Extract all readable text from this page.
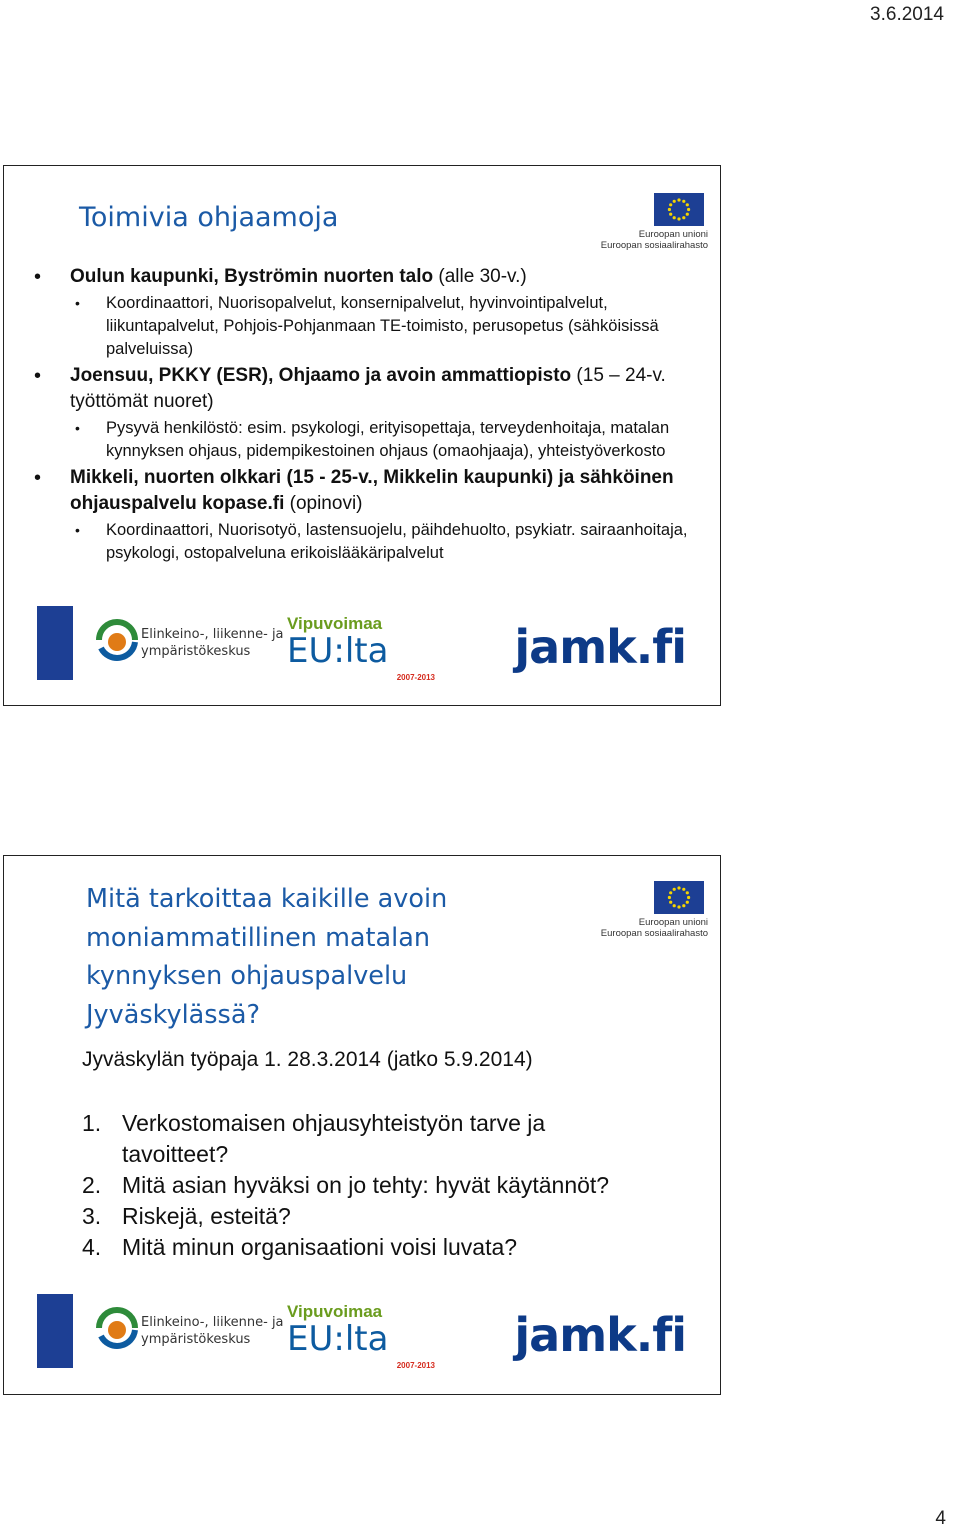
3.6.2014
Toimivia ohjaamoja
Euroopan unioni
Euroopan sosiaalirahasto
• Oulun kaupunki, Byströmin nuorten talo (alle 30-v.)
• Koordinaattori, Nuorisopalvelut, konsernipalvelut, hyvinvointipalvelut, liikuntapalvelut, Pohjois-Pohjanmaan TE-toimisto, perusopetus (sähköisissä palveluissa)
• Joensuu, PKKY (ESR), Ohjaamo ja avoin ammattiopisto (15 – 24-v. työttömät nuoret)
• Pysyvä henkilöstö: esim. psykologi, erityisopettaja, terveydenhoitaja, matalan kynnyksen ohjaus, pidempikestoinen ohjaus (omaohjaaja), yhteistyöverkosto
• Mikkeli, nuorten olkkari (15 - 25-v., Mikkelin kaupunki) ja sähköinen ohjauspalvelu kopase.fi (opinovi)
• Koordinaattori, Nuorisotyö, lastensuojelu, päihdehuolto, psykiatr. sairaanhoitaja, psykologi, ostopalveluna erikoislääkäripalvelut
Elinkeino-, liikenne- ja
ympäristökeskus
Vipuvoimaa
EU:lta
2007-2013
jamk.fi
Mitä tarkoittaa kaikille avoin moniammatillinen matalan kynnyksen ohjauspalvelu Jyväskylässä?
Euroopan unioni
Euroopan sosiaalirahasto
Jyväskylän työpaja 1. 28.3.2014 (jatko 5.9.2014)
1. Verkostomaisen ohjausyhteistyön tarve ja tavoitteet?
2. Mitä asian hyväksi on jo tehty: hyvät käytännöt?
3. Riskejä, esteitä?
4. Mitä minun organisaationi voisi luvata?
Elinkeino-, liikenne- ja
ympäristökeskus
Vipuvoimaa
EU:lta
2007-2013
jamk.fi
4
